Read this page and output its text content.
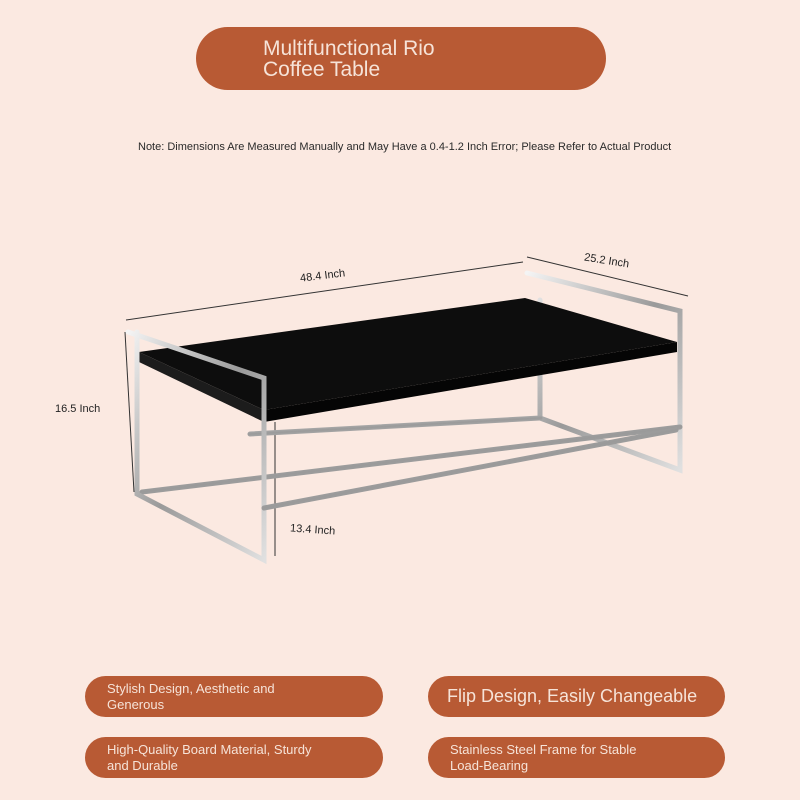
Multifunctional Rio
Coffee Table
Note: Dimensions Are Measured Manually and May Have a 0.4-1.2 Inch Error; Please Refer to Actual Product
48.4 Inch
25.2 Inch
16.5 Inch
13.4 Inch
Stylish Design, Aesthetic and
Generous	Flip Design, Easily Changeable
High-Quality Board Material, Sturdy
and Durable
Stainless Steel Frame for Stable
Load-Bearing
